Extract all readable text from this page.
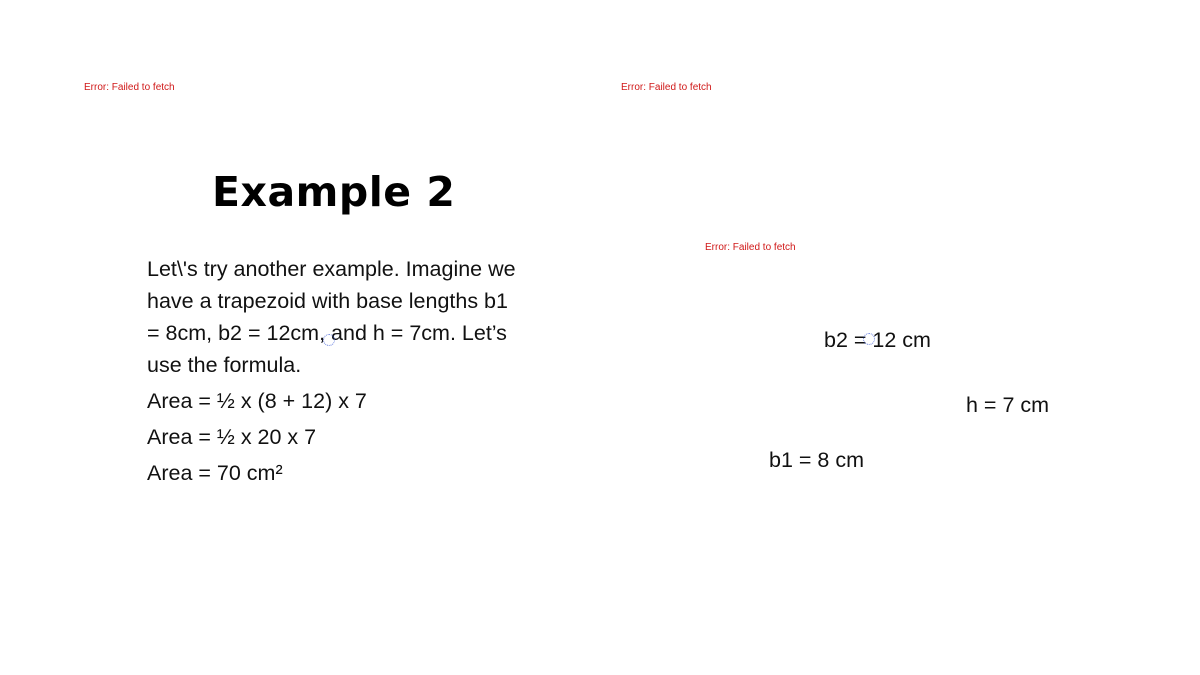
Error: Failed to fetch	Error: Failed to fetch
Error: Failed to fetch
Example 2

Let\'s try another example. Imagine we have a trapezoid with base lengths b1 = 8cm, b2 = 12cm, and h = 7cm. Let’s use the formula.

Area = ½ x (8 + 12) x 7

Area = ½ x 20 x 7

Area = 70 cm²

b2 = 12 cm
h = 7 cm
b1 = 8 cm
